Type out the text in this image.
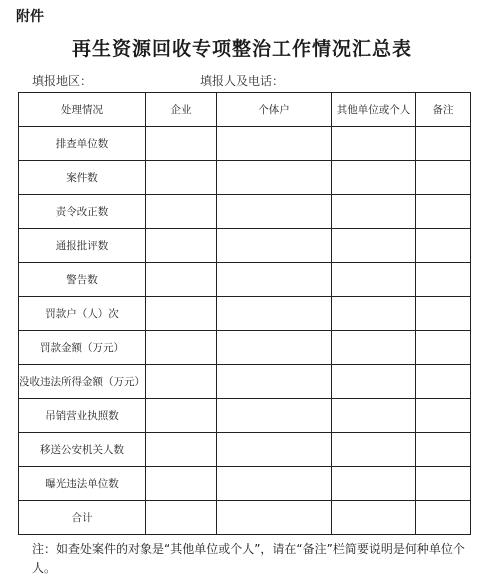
附件
再生资源回收专项整治工作情况汇总表
填报地区：	填报人及电话：
处理情况	企业	个体户	其他单位或个人	备注
排查单位数				
案件数				
责令改正数				
通报批评数				
警告数				
罚款户（人）次				
罚款金额（万元）				
没收违法所得金额（万元）				
吊销营业执照数				
移送公安机关人数				
曝光违法单位数				
合计				
注：如查处案件的对象是“其他单位或个人”，请在“备注”栏简要说明是何种单位个人。
